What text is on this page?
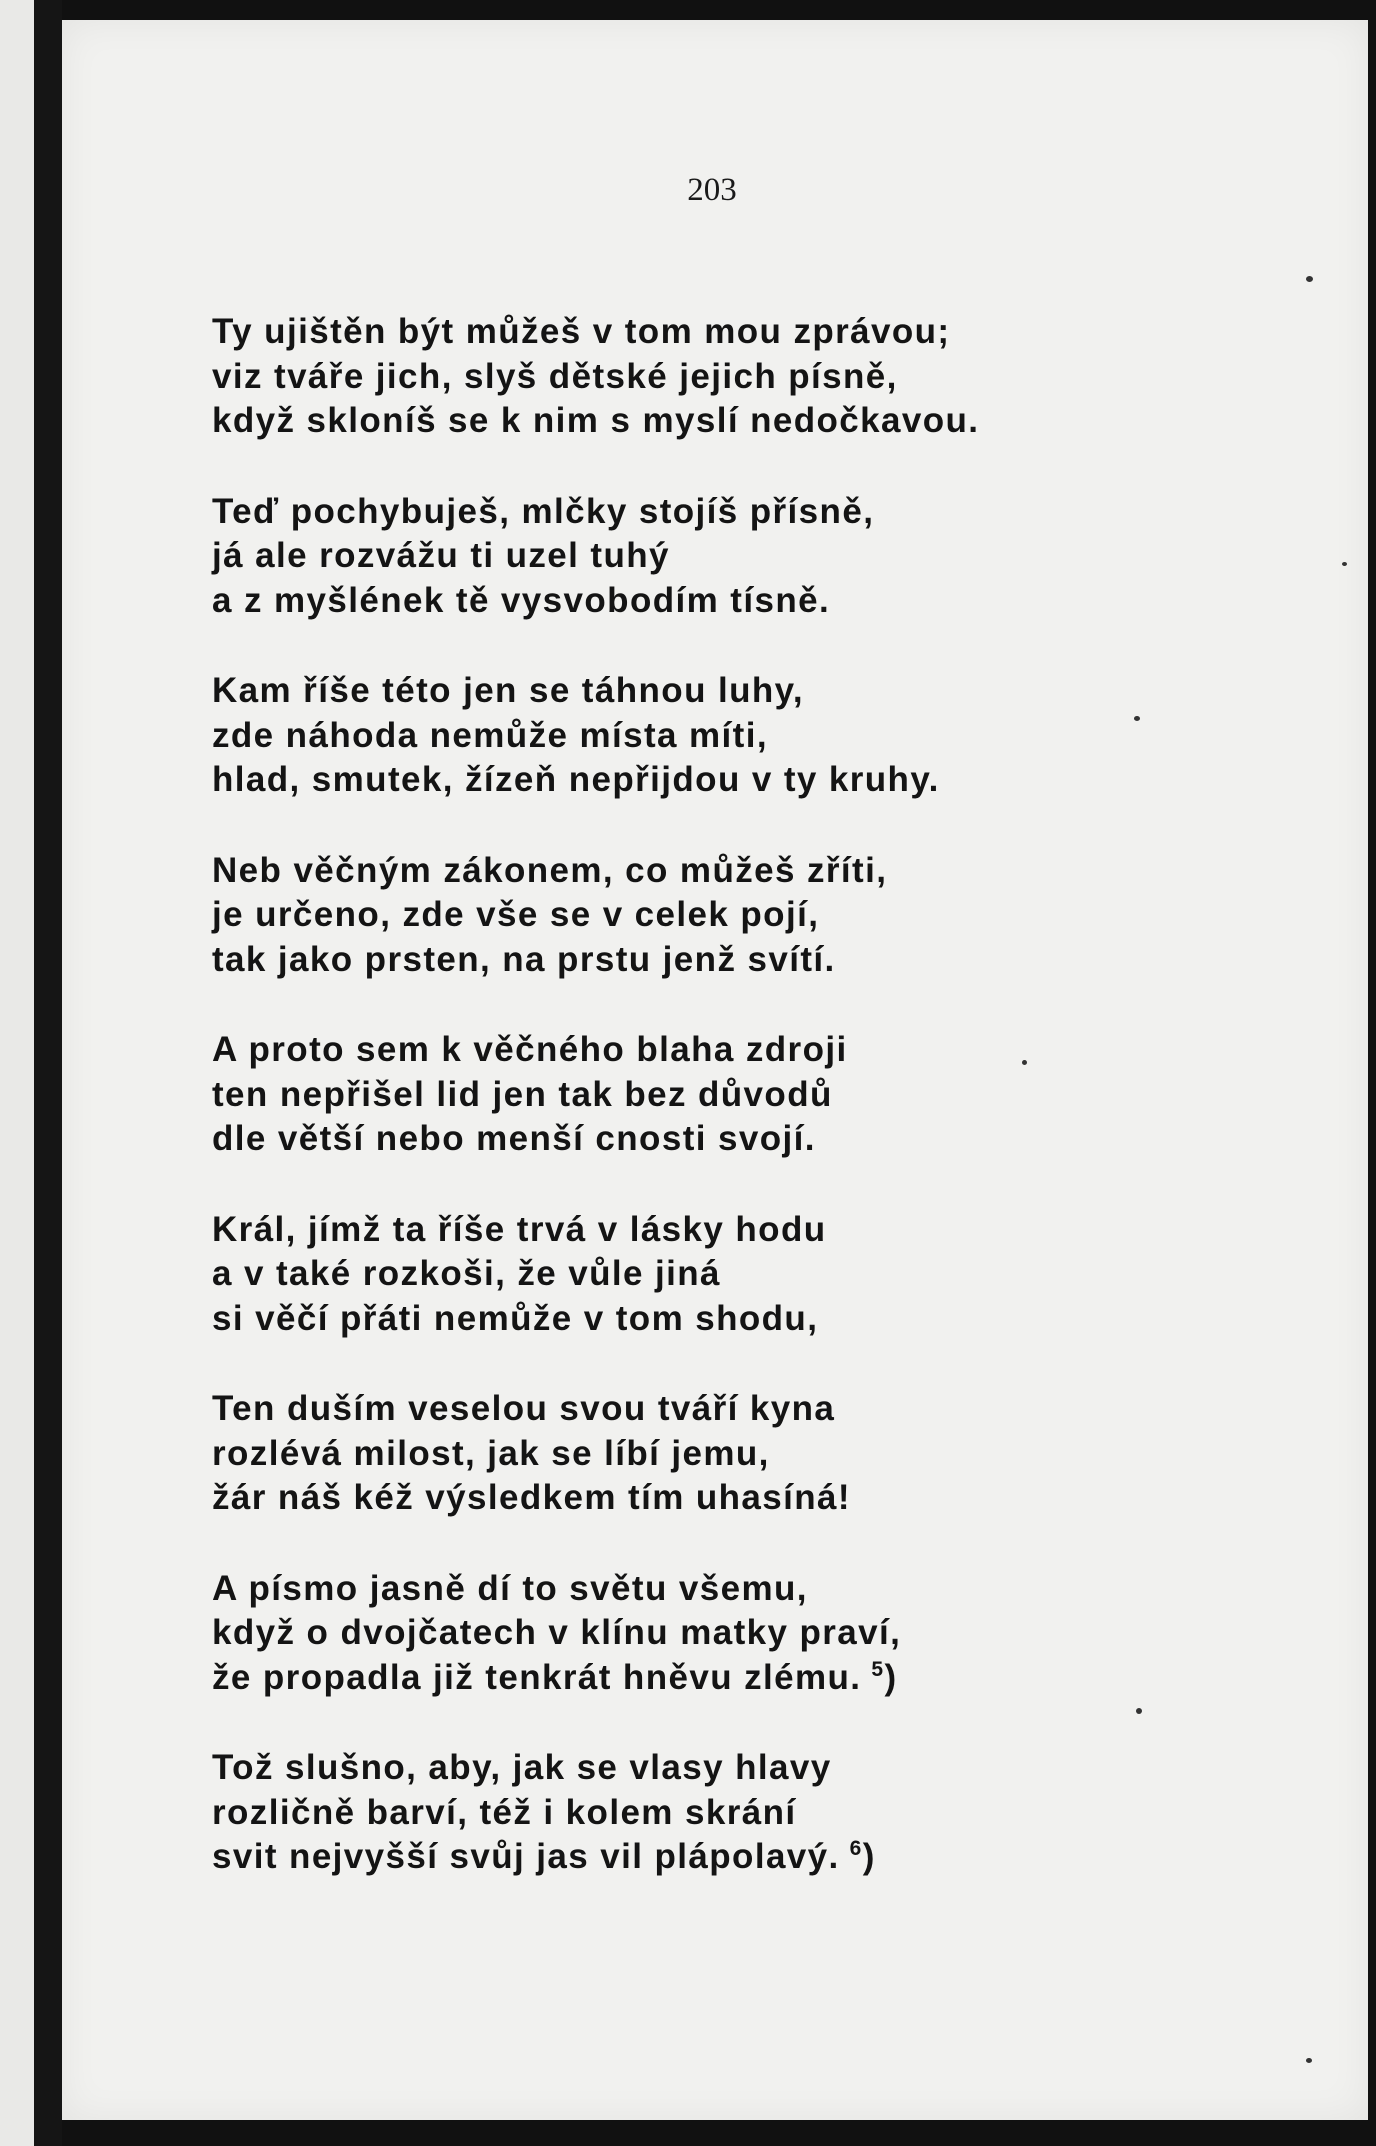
203
Ty ujištěn být můžeš v tom mou zprávou;
viz tváře jich, slyš dětské jejich písně,
když skloníš se k nim s myslí nedočkavou.
Teď pochybuješ, mlčky stojíš přísně,
já ale rozvážu ti uzel tuhý
a z myšlének tě vysvobodím tísně.
Kam říše této jen se táhnou luhy,
zde náhoda nemůže místa míti,
hlad, smutek, žízeň nepřijdou v ty kruhy.
Neb věčným zákonem, co můžeš zříti,
je určeno, zde vše se v celek pojí,
tak jako prsten, na prstu jenž svítí.
A proto sem k věčného blaha zdroji
ten nepřišel lid jen tak bez důvodů
dle větší nebo menší cnosti svojí.
Král, jímž ta říše trvá v lásky hodu
a v také rozkoši, že vůle jiná
si věčí přáti nemůže v tom shodu,
Ten duším veselou svou tváří kyna
rozlévá milost, jak se líbí jemu,
žár náš kéž výsledkem tím uhasíná!
A písmo jasně dí to světu všemu,
když o dvojčatech v klínu matky praví,
že propadla již tenkrát hněvu zlému. $^5$)
Tož slušno, aby, jak se vlasy hlavy
rozličně barví, též i kolem skrání
svit nejvyšší svůj jas vil plápolavý. $^6$)
